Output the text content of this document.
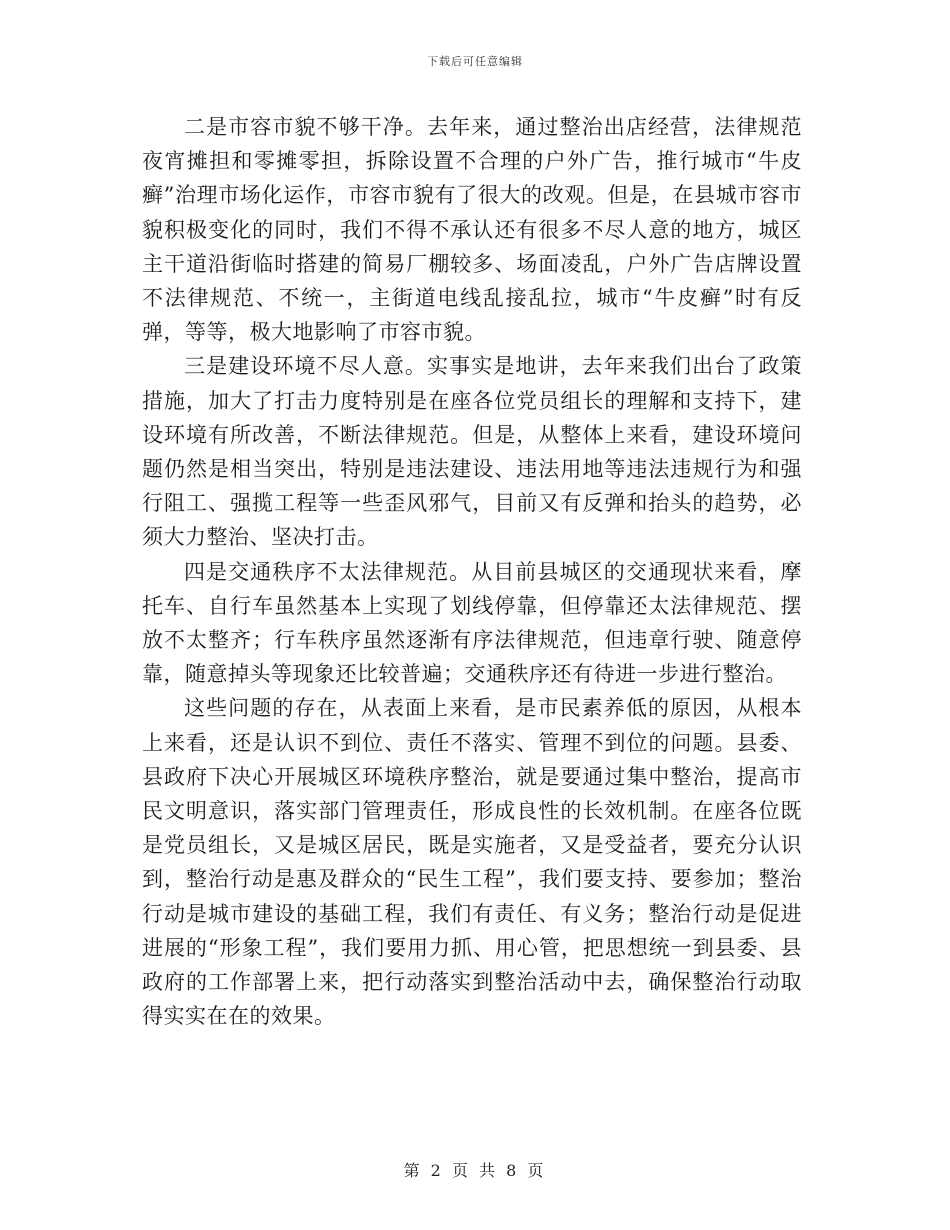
下载后可任意编辑

二是市容市貌不够干净。去年来，通过整治出店经营，法律规范夜宵摊担和零摊零担，拆除设置不合理的户外广告，推行城市“牛皮癣”治理市场化运作，市容市貌有了很大的改观。但是，在县城市容市貌积极变化的同时，我们不得不承认还有很多不尽人意的地方，城区主干道沿街临时搭建的简易厂棚较多、场面凌乱，户外广告店牌设置不法律规范、不统一，主街道电线乱接乱拉，城市“牛皮癣”时有反弹，等等，极大地影响了市容市貌。

三是建设环境不尽人意。实事实是地讲，去年来我们出台了政策措施，加大了打击力度特别是在座各位党员组长的理解和支持下，建设环境有所改善，不断法律规范。但是，从整体上来看，建设环境问题仍然是相当突出，特别是违法建设、违法用地等违法违规行为和强行阻工、强揽工程等一些歪风邪气，目前又有反弹和抬头的趋势，必须大力整治、坚决打击。

四是交通秩序不太法律规范。从目前县城区的交通现状来看，摩托车、自行车虽然基本上实现了划线停靠，但停靠还太法律规范、摆放不太整齐；行车秩序虽然逐渐有序法律规范，但违章行驶、随意停靠，随意掉头等现象还比较普遍；交通秩序还有待进一步进行整治。

这些问题的存在，从表面上来看，是市民素养低的原因，从根本上来看，还是认识不到位、责任不落实、管理不到位的问题。县委、县政府下决心开展城区环境秩序整治，就是要通过集中整治，提高市民文明意识，落实部门管理责任，形成良性的长效机制。在座各位既是党员组长，又是城区居民，既是实施者，又是受益者，要充分认识到，整治行动是惠及群众的“民生工程”，我们要支持、要参加；整治行动是城市建设的基础工程，我们有责任、有义务；整治行动是促进进展的“形象工程”，我们要用力抓、用心管，把思想统一到县委、县政府的工作部署上来，把行动落实到整治活动中去，确保整治行动取得实实在在的效果。

第 2 页 共 8 页
